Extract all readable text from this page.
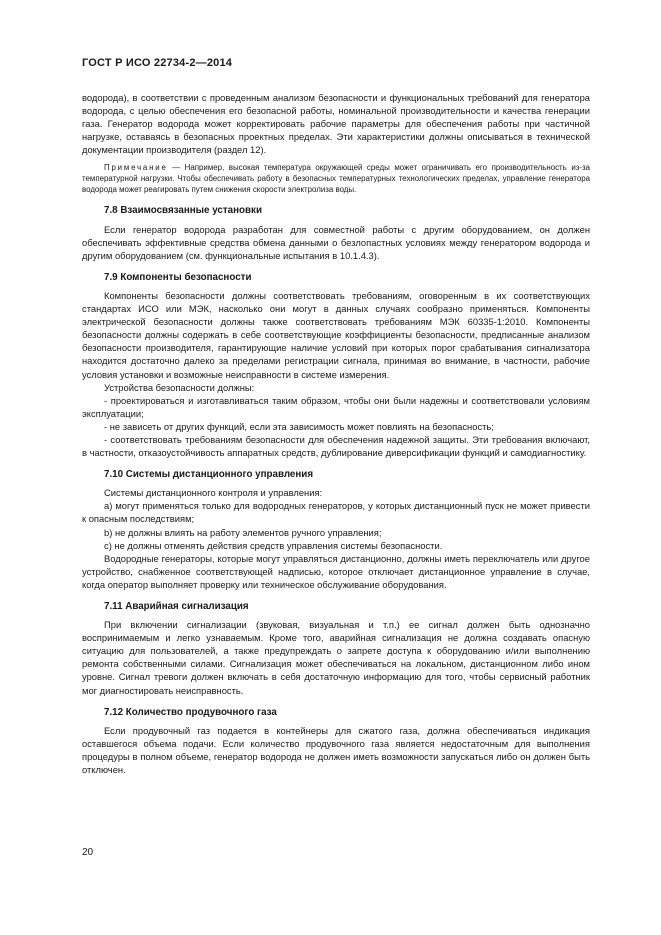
ГОСТ Р ИСО 22734-2—2014

водорода), в соответствии с проведенным анализом безопасности и функциональных требований для генератора водорода, с целью обеспечения его безопасной работы, номинальной производительности и качества генерации газа. Генератор водорода может корректировать рабочие параметры для обеспечения работы при частичной нагрузке, оставаясь в безопасных проектных пределах. Эти характеристики должны описываться в технической документации производителя (раздел 12).

Примечание — Например, высокая температура окружающей среды может ограничивать его производительность из-за температурной нагрузки. Чтобы обеспечивать работу в безопасных температурных технологических пределах, управление генератора водорода может реагировать путем снижения скорости электролиза воды.

7.8 Взаимосвязанные установки

Если генератор водорода разработан для совместной работы с другим оборудованием, он должен обеспечивать эффективные средства обмена данными о безлопастных условиях между генератором водорода и другим оборудованием (см. функциональные испытания в 10.1.4.3).

7.9 Компоненты безопасности

Компоненты безопасности должны соответствовать требованиям, оговоренным в их соответствующих стандартах ИСО или МЭК, насколько они могут в данных случаях сообразно применяться. Компоненты электрической безопасности должны также соответствовать требованиям МЭК 60335-1:2010. Компоненты безопасности должны содержать в себе соответствующие коэффициенты безопасности, предписанные анализом безопасности производителя, гарантирующие наличие условий при которых порог срабатывания сигнализатора находится достаточно далеко за пределами регистрации сигнала, принимая во внимание, в частности, рабочие условия установки и возможные неисправности в системе измерения.

Устройства безопасности должны:

- проектироваться и изготавливаться таким образом, чтобы они были надежны и соответствовали условиям эксплуатации;

- не зависеть от других функций, если эта зависимость может повлиять на безопасность;

- соответствовать требованиям безопасности для обеспечения надежной защиты. Эти требования включают, в частности, отказоустойчивость аппаратных средств, дублирование диверсификации функций и самодиагностику.

7.10 Системы дистанционного управления

Системы дистанционного контроля и управления:

a) могут применяться только для водородных генераторов, у которых дистанционный пуск не может привести к опасным последствиям;

b) не должны влиять на работу элементов ручного управления;

c) не должны отменять действия средств управления системы безопасности.

Водородные генераторы, которые могут управляться дистанционно, должны иметь переключатель или другое устройство, снабженное соответствующей надписью, которое отключает дистанционное управление в случае, когда оператор выполняет проверку или техническое обслуживание оборудования.

7.11 Аварийная сигнализация

При включении сигнализации (звуковая, визуальная и т.п.) ее сигнал должен быть однозначно воспринимаемым и легко узнаваемым. Кроме того, аварийная сигнализация не должна создавать опасную ситуацию для пользователей, а также предупреждать о запрете доступа к оборудованию и/или выполнению ремонта собственными силами. Сигнализация может обеспечиваться на локальном, дистанционном либо ином уровне. Сигнал тревоги должен включать в себя достаточную информацию для того, чтобы сервисный работник мог диагностировать неисправность.

7.12 Количество продувочного газа

Если продувочный газ подается в контейнеры для сжатого газа, должна обеспечиваться индикация оставшегося объема подачи. Если количество продувочного газа является недостаточным для выполнения процедуры в полном объеме, генератор водорода не должен иметь возможности запускаться либо он должен быть отключен.

20
